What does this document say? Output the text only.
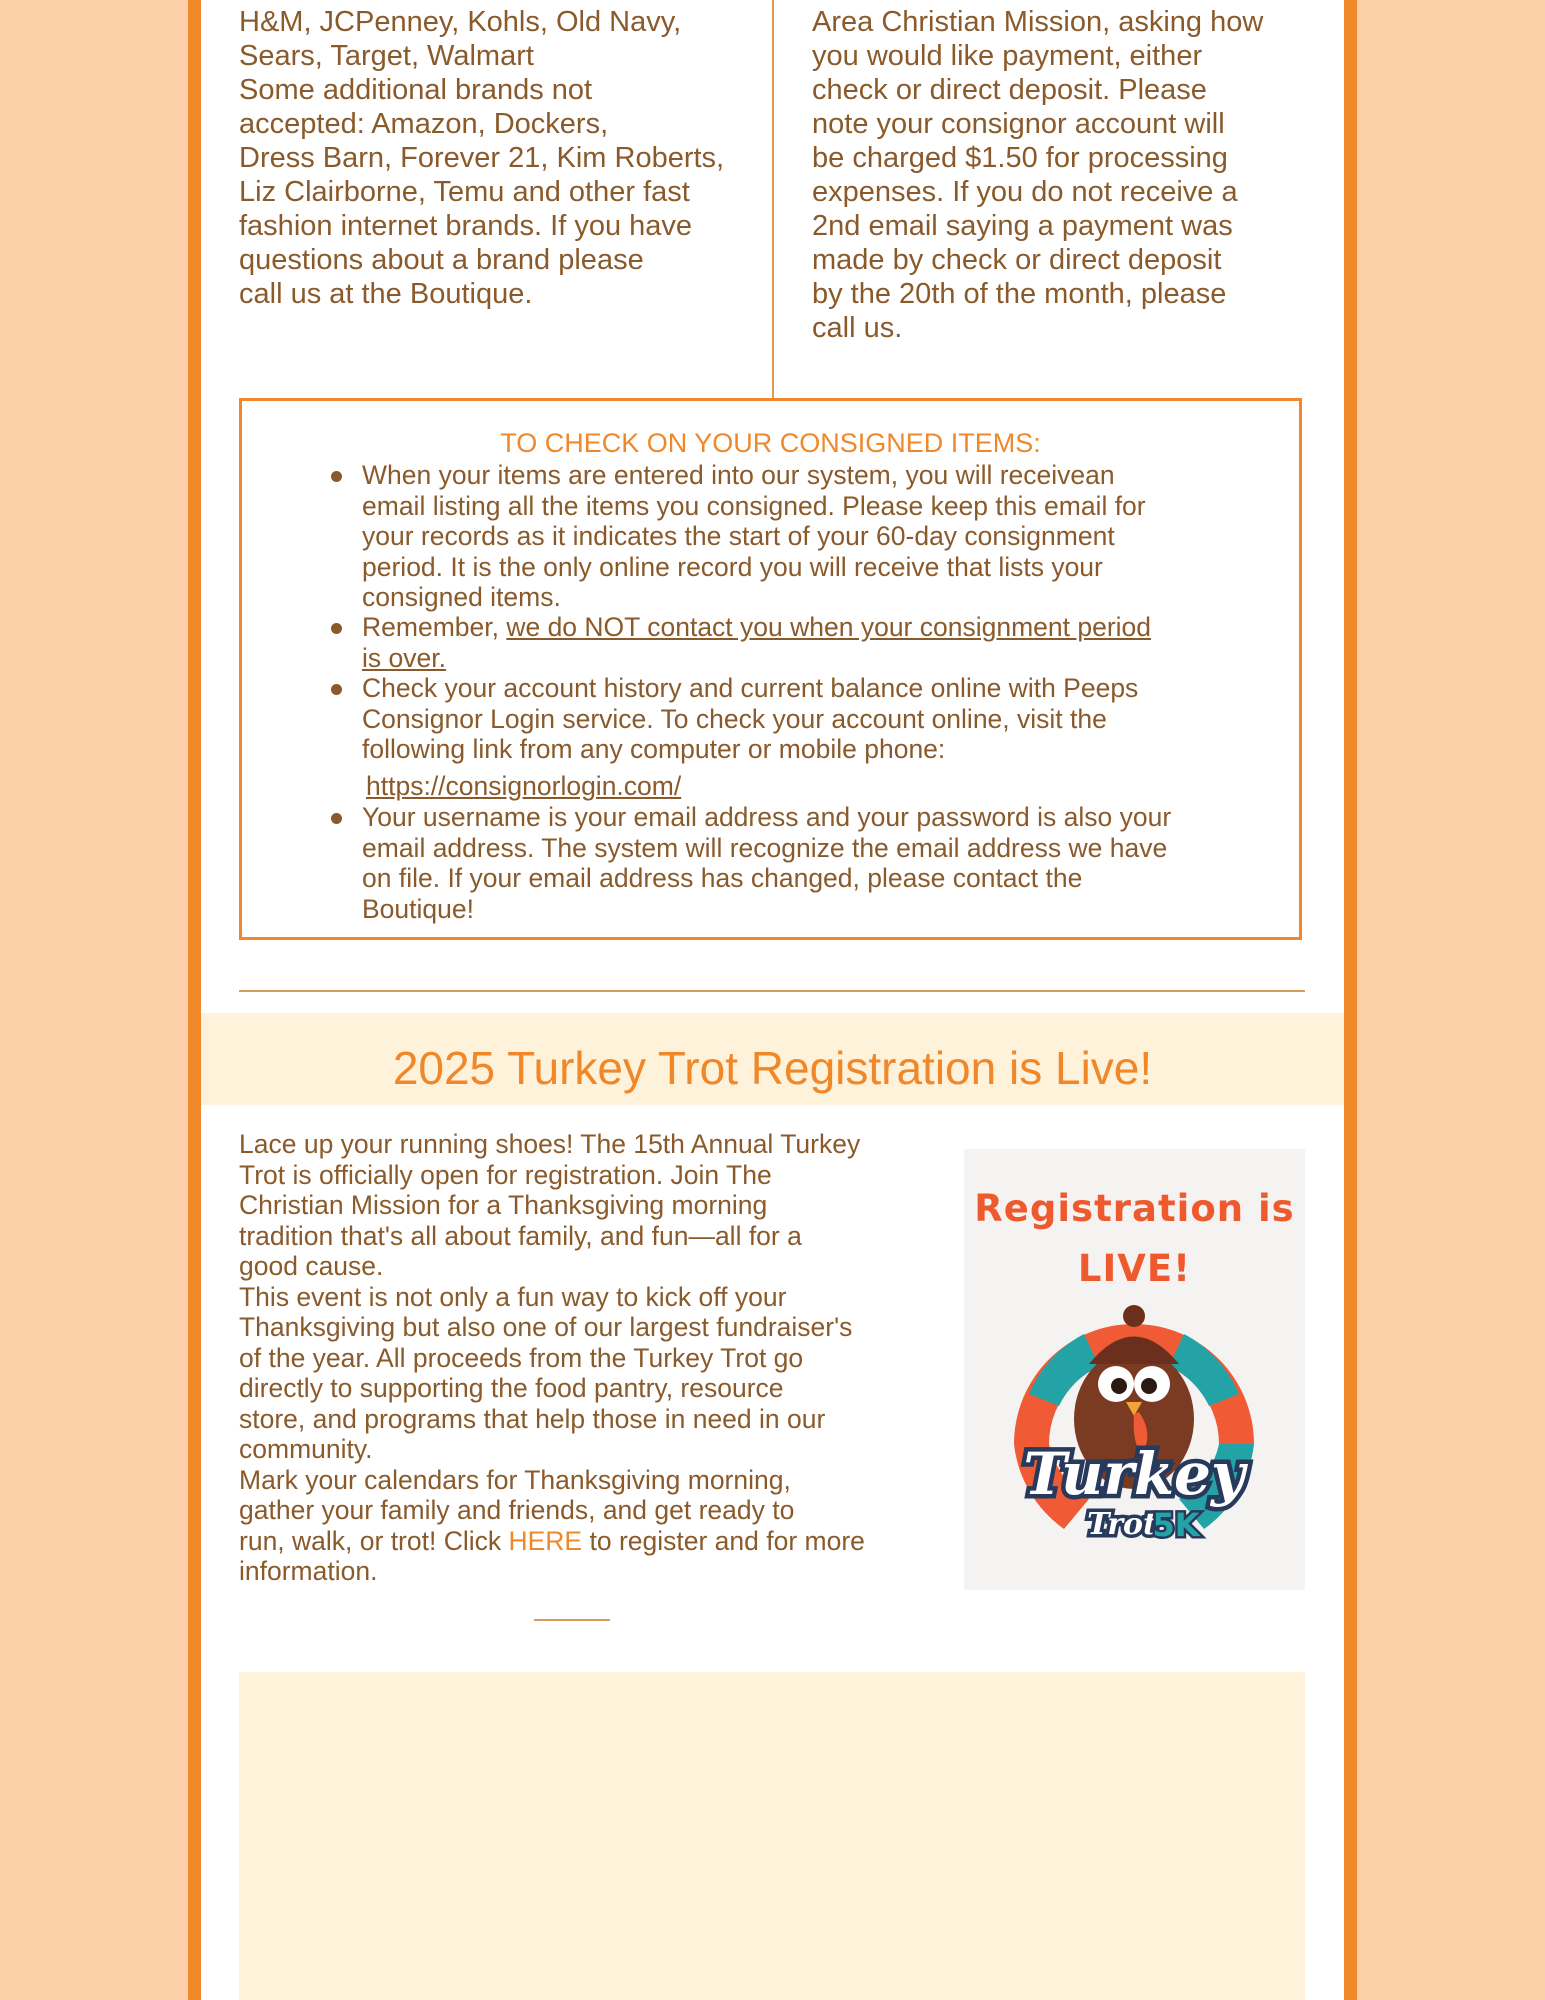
H&M, JCPenney, Kohls, Old Navy,

Sears, Target, Walmart

Some additional brands not

accepted: Amazon, Dockers,

Dress Barn, Forever 21, Kim Roberts,

Liz Clairborne, Temu and other fast

fashion internet brands. If you have

questions about a brand please

call us at the Boutique.

Area Christian Mission, asking how

you would like payment, either

check or direct deposit. Please

note your consignor account will

be charged $1.50 for processing

expenses. If you do not receive a

2nd email saying a payment was

made by check or direct deposit

by the 20th of the month, please

call us.

TO CHECK ON YOUR CONSIGNED ITEMS:

When your items are entered into our system, you will receivean

email listing all the items you consigned. Please keep this email for

your records as it indicates the start of your 60-day consignment

period. It is the only online record you will receive that lists your

consigned items.

Remember, we do NOT contact you when your consignment period

is over.

Check your account history and current balance online with Peeps

Consignor Login service. To check your account online, visit the

following link from any computer or mobile phone:

https://consignorlogin.com/

Your username is your email address and your password is also your

email address. The system will recognize the email address we have

on file. If your email address has changed, please contact the

Boutique!

2025 Turkey Trot Registration is Live!

Lace up your running shoes! The 15th Annual Turkey

Trot is officially open for registration. Join The

Christian Mission for a Thanksgiving morning

tradition that's all about family, and fun—all for a

good cause.

This event is not only a fun way to kick off your

Thanksgiving but also one of our largest fundraiser's

of the year. All proceeds from the Turkey Trot go

directly to supporting the food pantry, resource

store, and programs that help those in need in our

community.

Mark your calendars for Thanksgiving morning,

gather your family and friends, and get ready to

run, walk, or trot! Click HERE to register and for more

information.

Registration is
LIVE!
Turkey
Trot
5K
